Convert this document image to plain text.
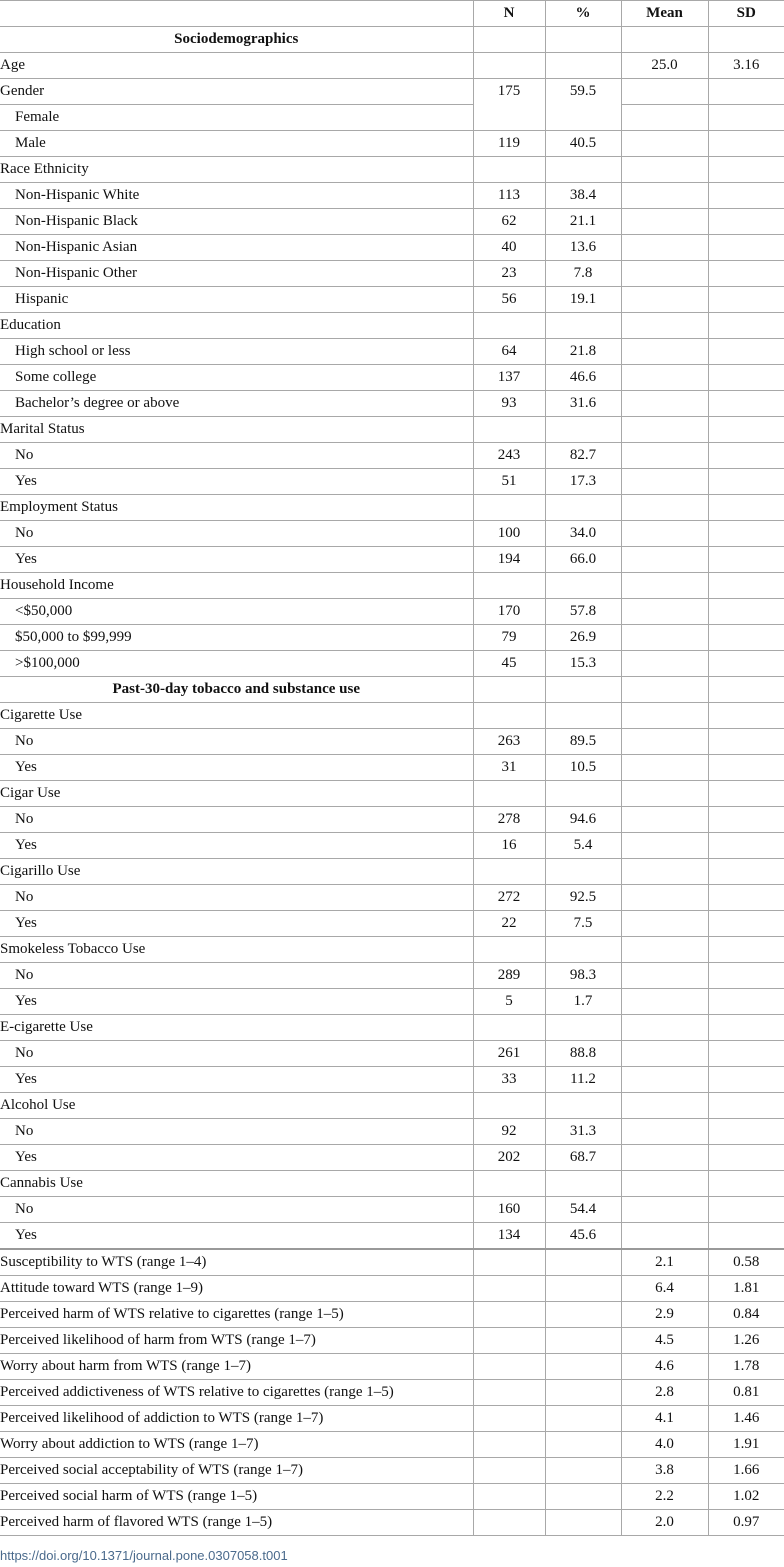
	N	%	Mean	SD
Sociodemographics				
Age			25.0	3.16
Gender	175	59.5		
Female				
Male	119	40.5		
Race Ethnicity				
Non-Hispanic White	113	38.4		
Non-Hispanic Black	62	21.1		
Non-Hispanic Asian	40	13.6		
Non-Hispanic Other	23	7.8		
Hispanic	56	19.1		
Education				
High school or less	64	21.8		
Some college	137	46.6		
Bachelor’s degree or above	93	31.6		
Marital Status				
No	243	82.7		
Yes	51	17.3		
Employment Status				
No	100	34.0		
Yes	194	66.0		
Household Income				
<$50,000	170	57.8		
$50,000 to $99,999	79	26.9		
>$100,000	45	15.3		
Past-30-day tobacco and substance use				
Cigarette Use				
No	263	89.5		
Yes	31	10.5		
Cigar Use				
No	278	94.6		
Yes	16	5.4		
Cigarillo Use				
No	272	92.5		
Yes	22	7.5		
Smokeless Tobacco Use				
No	289	98.3		
Yes	5	1.7		
E-cigarette Use				
No	261	88.8		
Yes	33	11.2		
Alcohol Use				
No	92	31.3		
Yes	202	68.7		
Cannabis Use				
No	160	54.4		
Yes	134	45.6		
Susceptibility to WTS (range 1–4)			2.1	0.58
Attitude toward WTS (range 1–9)			6.4	1.81
Perceived harm of WTS relative to cigarettes (range 1–5)			2.9	0.84
Perceived likelihood of harm from WTS (range 1–7)			4.5	1.26
Worry about harm from WTS (range 1–7)			4.6	1.78
Perceived addictiveness of WTS relative to cigarettes (range 1–5)			2.8	0.81
Perceived likelihood of addiction to WTS (range 1–7)			4.1	1.46
Worry about addiction to WTS (range 1–7)			4.0	1.91
Perceived social acceptability of WTS (range 1–7)			3.8	1.66
Perceived social harm of WTS (range 1–5)			2.2	1.02
Perceived harm of flavored WTS (range 1–5)			2.0	0.97
https://doi.org/10.1371/journal.pone.0307058.t001
